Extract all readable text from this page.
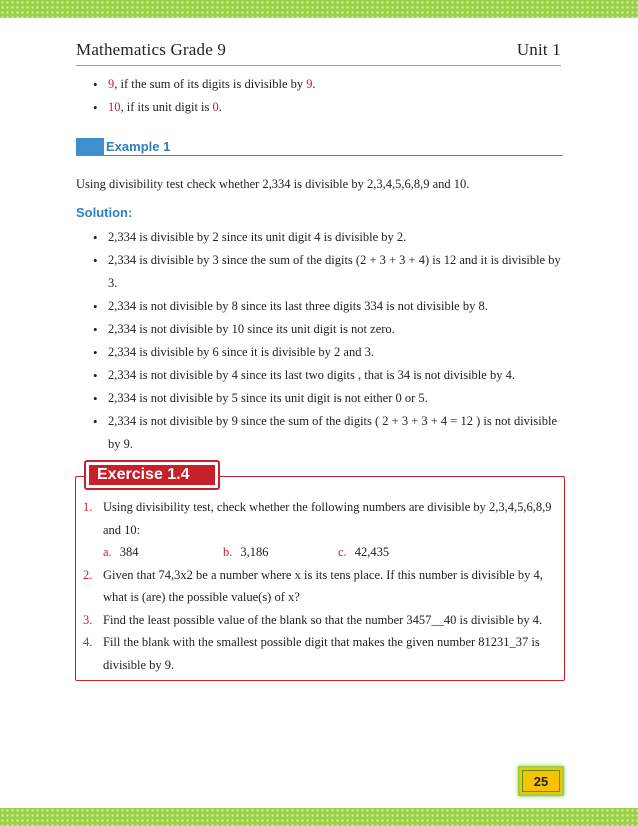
Mathematics Grade 9	Unit 1
• 9, if the sum of its digits is divisible by 9.
• 10, if its unit digit is 0.
Example 1
Using divisibility test check whether 2,334 is divisible by 2,3,4,5,6,8,9 and 10.
Solution:
• 2,334 is divisible by 2 since its unit digit 4 is divisible by 2.
• 2,334 is divisible by 3 since the sum of the digits (2 + 3 + 3 + 4) is 12 and it is divisible by 3.
• 2,334 is not divisible by 8 since its last three digits 334 is not divisible by 8.
• 2,334 is not divisible by 10 since its unit digit is not zero.
• 2,334 is divisible by 6 since it is divisible by 2 and 3.
• 2,334 is not divisible by 4 since its last two digits , that is 34 is not divisible by 4.
• 2,334 is not divisible by 5 since its unit digit is not either 0 or 5.
• 2,334 is not divisible by 9 since the sum of the digits ( 2 + 3 + 3 + 4 = 12 ) is not divisible by 9.
Exercise 1.4
1. Using divisibility test, check whether the following numbers are divisible by 2,3,4,5,6,8,9 and 10:
a. 384	b. 3,186	c. 42,435
2. Given that 74,3x2 be a number where x is its tens place. If this number is divisible by 4, what is (are) the possible value(s) of x?
3. Find the least possible value of the blank so that the number 3457__40 is divisible by 4.
4. Fill the blank with the smallest possible digit that makes the given number 81231_37 is divisible by 9.
25
